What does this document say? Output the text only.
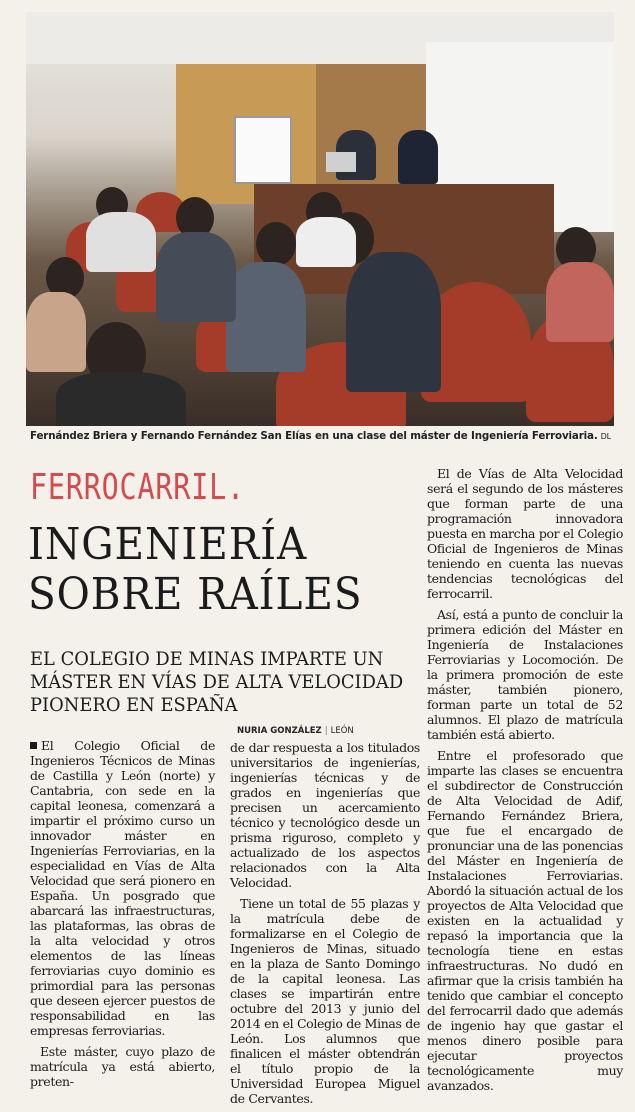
Fernández Briera y Fernando Fernández San Elías en una clase del máster de Ingeniería Ferroviaria. DL
FERROCARRIL.
INGENIERÍA SOBRE RAÍLES
EL COLEGIO DE MINAS IMPARTE UN MÁSTER EN VÍAS DE ALTA VELOCIDAD PIONERO EN ESPAÑA

El Colegio Oficial de Ingenieros Técnicos de Minas de Castilla y León (norte) y Cantabria, con sede en la capital leonesa, comenzará a impartir el próximo curso un innovador máster en Ingenierías Ferroviarias, en la especialidad en Vías de Alta Velocidad que será pionero en España. Un posgrado que abarcará las infraestructuras, las plataformas, las obras de la alta velocidad y otros elementos de las líneas ferroviarias cuyo dominio es primordial para las personas que deseen ejercer puestos de responsabilidad en las empresas ferroviarias.

Este máster, cuyo plazo de matrícula ya está abierto, preten-

NURIA GONZÁLEZ | LEÓN

de dar respuesta a los titulados universitarios de ingenierías, ingenierías técnicas y de grados en ingenierías que precisen un acercamiento técnico y tecnológico desde un prisma riguroso, completo y actualizado de los aspectos relacionados con la Alta Velocidad.

Tiene un total de 55 plazas y la matrícula debe de formalizarse en el Colegio de Ingenieros de Minas, situado en la plaza de Santo Domingo de la capital leonesa. Las clases se impartirán entre octubre del 2013 y junio del 2014 en el Colegio de Minas de León. Los alumnos que finalicen el máster obtendrán el título propio de la Universidad Europea Miguel de Cervantes.

El de Vías de Alta Velocidad será el segundo de los másteres que forman parte de una programación innovadora puesta en marcha por el Colegio Oficial de Ingenieros de Minas teniendo en cuenta las nuevas tendencias tecnológicas del ferrocarril.

Así, está a punto de concluir la primera edición del Máster en Ingeniería de Instalaciones Ferroviarias y Locomoción. De la primera promoción de este máster, también pionero, forman parte un total de 52 alumnos. El plazo de matrícula también está abierto.

Entre el profesorado que imparte las clases se encuentra el subdirector de Construcción de Alta Velocidad de Adif, Fernando Fernández Briera, que fue el encargado de pronunciar una de las ponencias del Máster en Ingeniería de Instalaciones Ferroviarias. Abordó la situación actual de los proyectos de Alta Velocidad que existen en la actualidad y repasó la importancia que la tecnología tiene en estas infraestructuras. No dudó en afirmar que la crisis también ha tenido que cambiar el concepto del ferrocarril dado que además de ingenio hay que gastar el menos dinero posible para ejecutar proyectos tecnológicamente muy avanzados.
